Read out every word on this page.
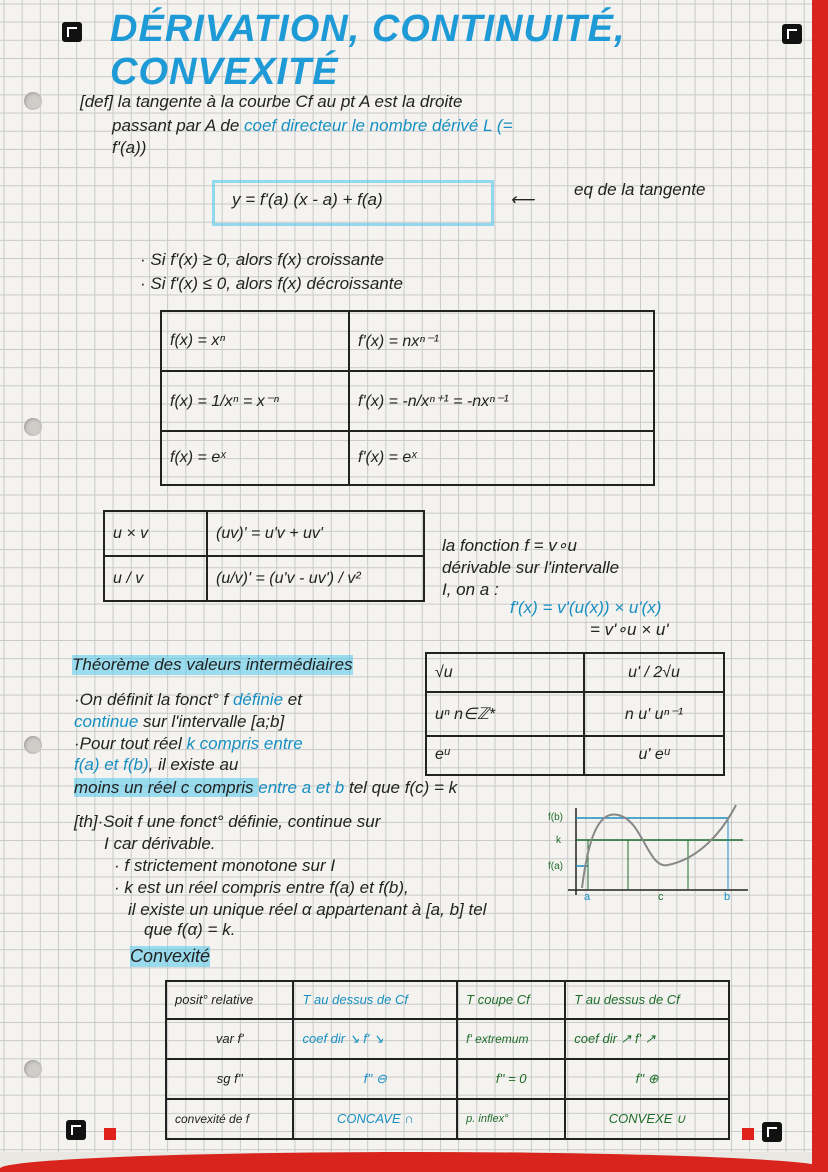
DÉRIVATION, CONTINUITÉ, CONVEXITÉ
[def] la tangente à la courbe Cf au pt A est la droite
passant par A de coef directeur le nombre dérivé L (=
f'(a))
y = f'(a) (x - a) + f(a)	⟵
eq de la tangente
· Si f'(x) ≥ 0, alors f(x) croissante
· Si f'(x) ≤ 0, alors f(x) décroissante
f(x) = xⁿ	f'(x) = nxⁿ⁻¹
f(x) = 1/xⁿ = x⁻ⁿ	f'(x) = -n/xⁿ⁺¹ = -nxⁿ⁻¹
f(x) = eˣ	f'(x) = eˣ
u × v	(uv)' = u'v + uv'
u / v	(u/v)' = (u'v - uv') / v²
la fonction f = v∘u
dérivable sur l'intervalle
I, on a :
f'(x) = v'(u(x)) × u'(x)
= v'∘u × u'
Théorème des valeurs intermédiaires
·On définit la fonct° f définie et
continue sur l'intervalle [a;b]
·Pour tout réel k compris entre
f(a) et f(b), il existe au
moins un réel c compris entre a et b tel que f(c) = k
√u	u' / 2√u
uⁿ n∈ℤ*	n u' uⁿ⁻¹
eᵘ	u' eᵘ
[th]·Soit f une fonct° définie, continue sur
I car dérivable.
· f strictement monotone sur I
· k est un réel compris entre f(a) et f(b),
il existe un unique réel α appartenant à [a, b] tel
que f(α) = k.
f(b)
k
f(a)
a	c	b
Convexité
posit° relative	T au dessus de Cf	T coupe Cf	T au dessus de Cf
var f'	coef dir ↘ f' ↘	f' extremum	coef dir ↗ f' ↗
sg f''	f'' ⊖	f'' = 0	f'' ⊕
convexité de f	CONCAVE ∩	p. inflex°	CONVEXE ∪
